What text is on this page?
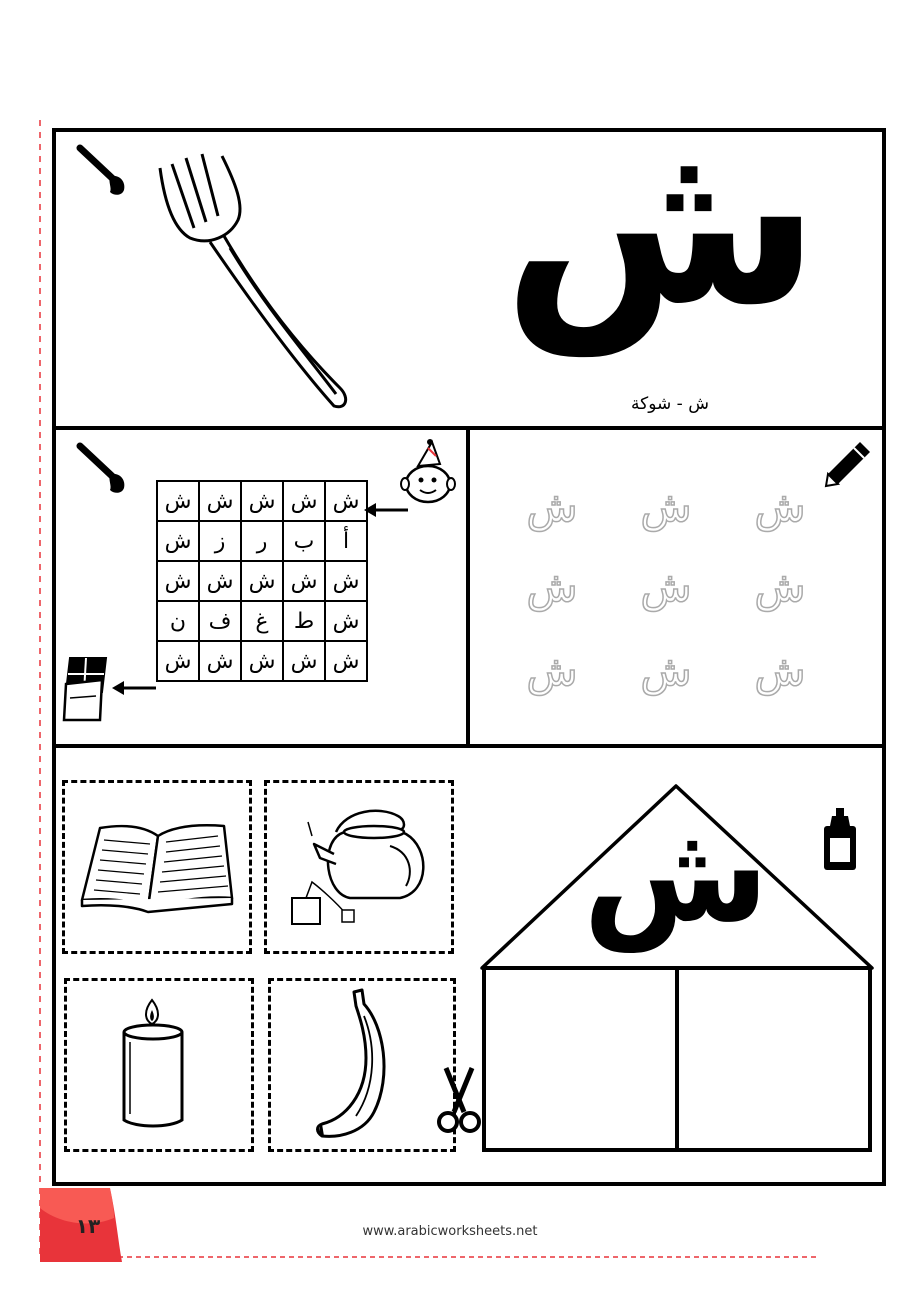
ش
ش - شوكة
ش	ش	ش	ش	ش
ش	ز	ر	ب	أ
ش	ش	ش	ش	ش
ن	ف	غ	ط	ش
ش	ش	ش	ش	ش
ش
ش
ش
ش
ش
ش
ش
ش
ش
ش
١٣	www.arabicworksheets.net
